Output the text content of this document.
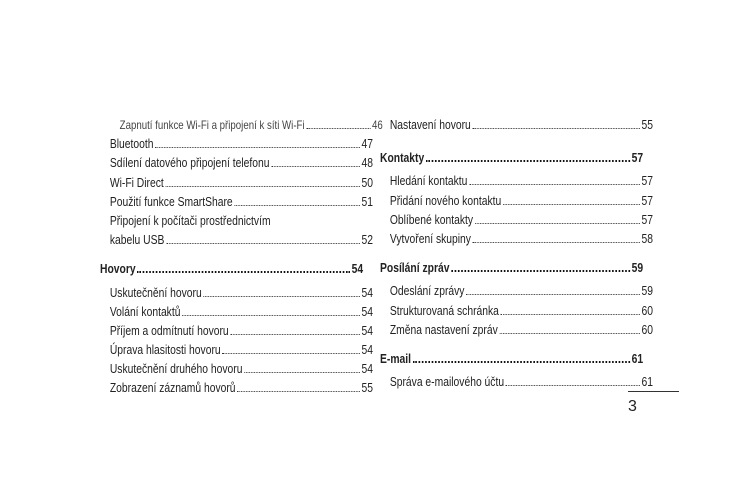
Zapnutí funkce Wi-Fi a připojení k síti Wi-Fi	46
Bluetooth	47
Sdílení datového připojení telefonu	48
Wi-Fi Direct	50
Použití funkce SmartShare	51
Připojení k počítači prostřednictvím
kabelu USB	52
Hovory	54
Uskutečnění hovoru	54
Volání kontaktů	54
Příjem a odmítnutí hovoru	54
Úprava hlasitosti hovoru	54
Uskutečnění druhého hovoru	54
Zobrazení záznamů hovorů	55
Nastavení hovoru	55
Kontakty	57
Hledání kontaktu	57
Přidání nového kontaktu	57
Oblíbené kontakty	57
Vytvoření skupiny	58
Posílání zpráv	59
Odeslání zprávy	59
Strukturovaná schránka	60
Změna nastavení zpráv	60
E-mail	61
Správa e-mailového účtu	61
3
